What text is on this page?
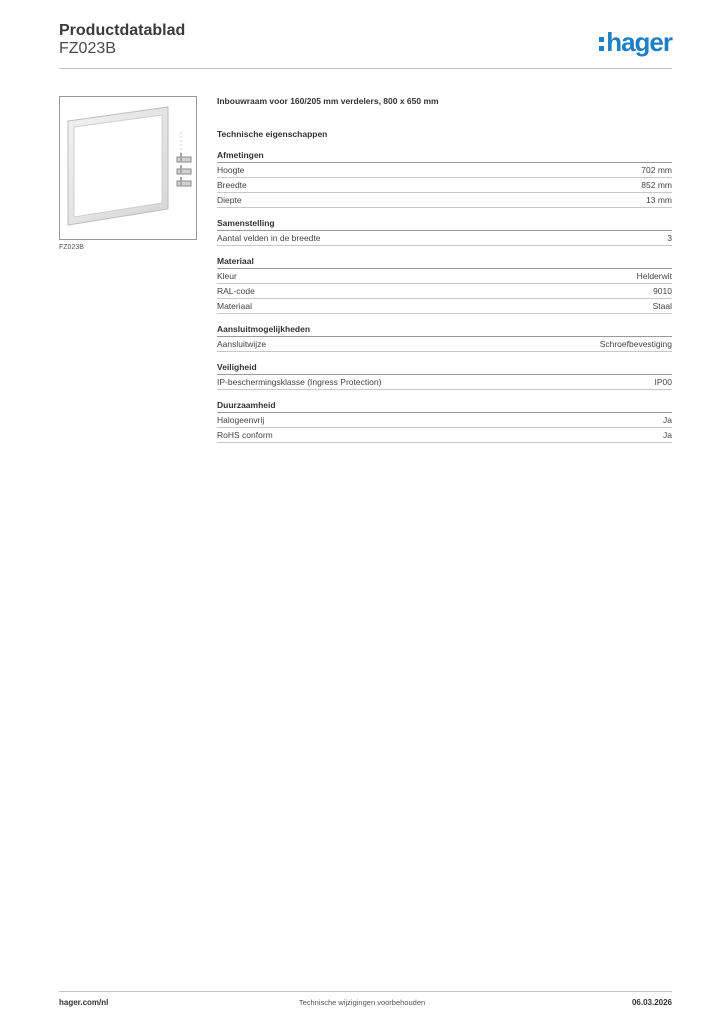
Productdatablad
FZ023B	hager
FZ023B
Inbouwraam voor 160/205 mm verdelers, 800 x 650 mm
Technische eigenschappen
Afmetingen
Hoogte	702 mm
Breedte	852 mm
Diepte	13 mm
Samenstelling
Aantal velden in de breedte	3
Materiaal
Kleur	Helderwit
RAL-code	9010
Materiaal	Staal
Aansluitmogelijkheden
Aansluitwijze	Schroefbevestiging
Veiligheid
IP-beschermingsklasse (Ingress Protection)	IP00
Duurzaamheid
Halogeenvrij	Ja
RoHS conform	Ja
hager.com/nl	Technische wijzigingen voorbehouden	06.03.2026
